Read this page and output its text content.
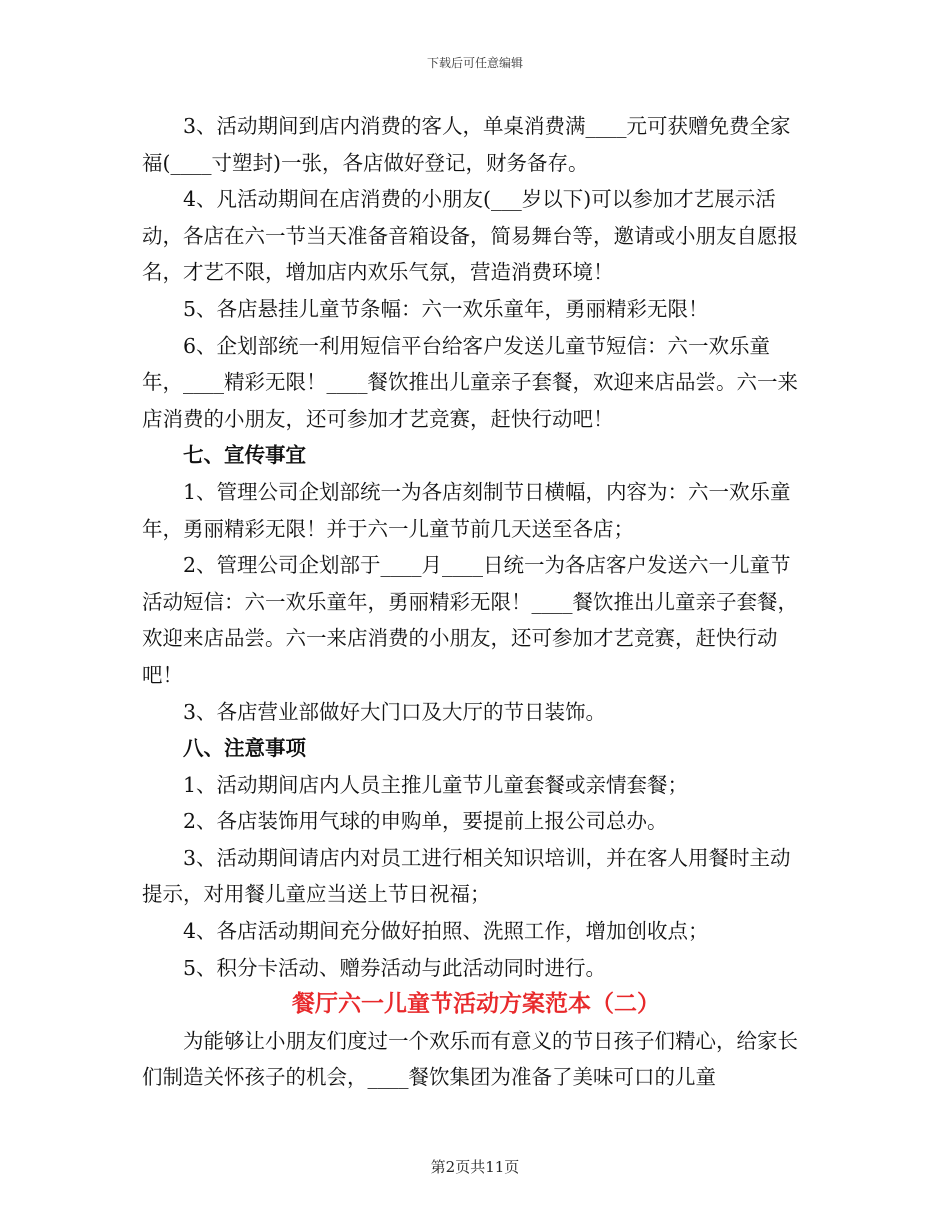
下载后可任意编辑

3、活动期间到店内消费的客人，单桌消费满____元可获赠免费全家福(____寸塑封)一张，各店做好登记，财务备存。

4、凡活动期间在店消费的小朋友(___岁以下)可以参加才艺展示活动，各店在六一节当天准备音箱设备，简易舞台等，邀请或小朋友自愿报名，才艺不限，增加店内欢乐气氛，营造消费环境！

5、各店悬挂儿童节条幅：六一欢乐童年，勇丽精彩无限！

6、企划部统一利用短信平台给客户发送儿童节短信：六一欢乐童年，____精彩无限！____餐饮推出儿童亲子套餐，欢迎来店品尝。六一来店消费的小朋友，还可参加才艺竞赛，赶快行动吧！

七、宣传事宜

1、管理公司企划部统一为各店刻制节日横幅，内容为：六一欢乐童年，勇丽精彩无限！并于六一儿童节前几天送至各店；

2、管理公司企划部于____月____日统一为各店客户发送六一儿童节活动短信：六一欢乐童年，勇丽精彩无限！____餐饮推出儿童亲子套餐，欢迎来店品尝。六一来店消费的小朋友，还可参加才艺竞赛，赶快行动吧！

3、各店营业部做好大门口及大厅的节日装饰。

八、注意事项

1、活动期间店内人员主推儿童节儿童套餐或亲情套餐；

2、各店装饰用气球的申购单，要提前上报公司总办。

3、活动期间请店内对员工进行相关知识培训，并在客人用餐时主动提示，对用餐儿童应当送上节日祝福；

4、各店活动期间充分做好拍照、洗照工作，增加创收点；

5、积分卡活动、赠券活动与此活动同时进行。

餐厅六一儿童节活动方案范本（二）

为能够让小朋友们度过一个欢乐而有意义的节日孩子们精心，给家长们制造关怀孩子的机会，____餐饮集团为准备了美味可口的儿童

第2页共11页
